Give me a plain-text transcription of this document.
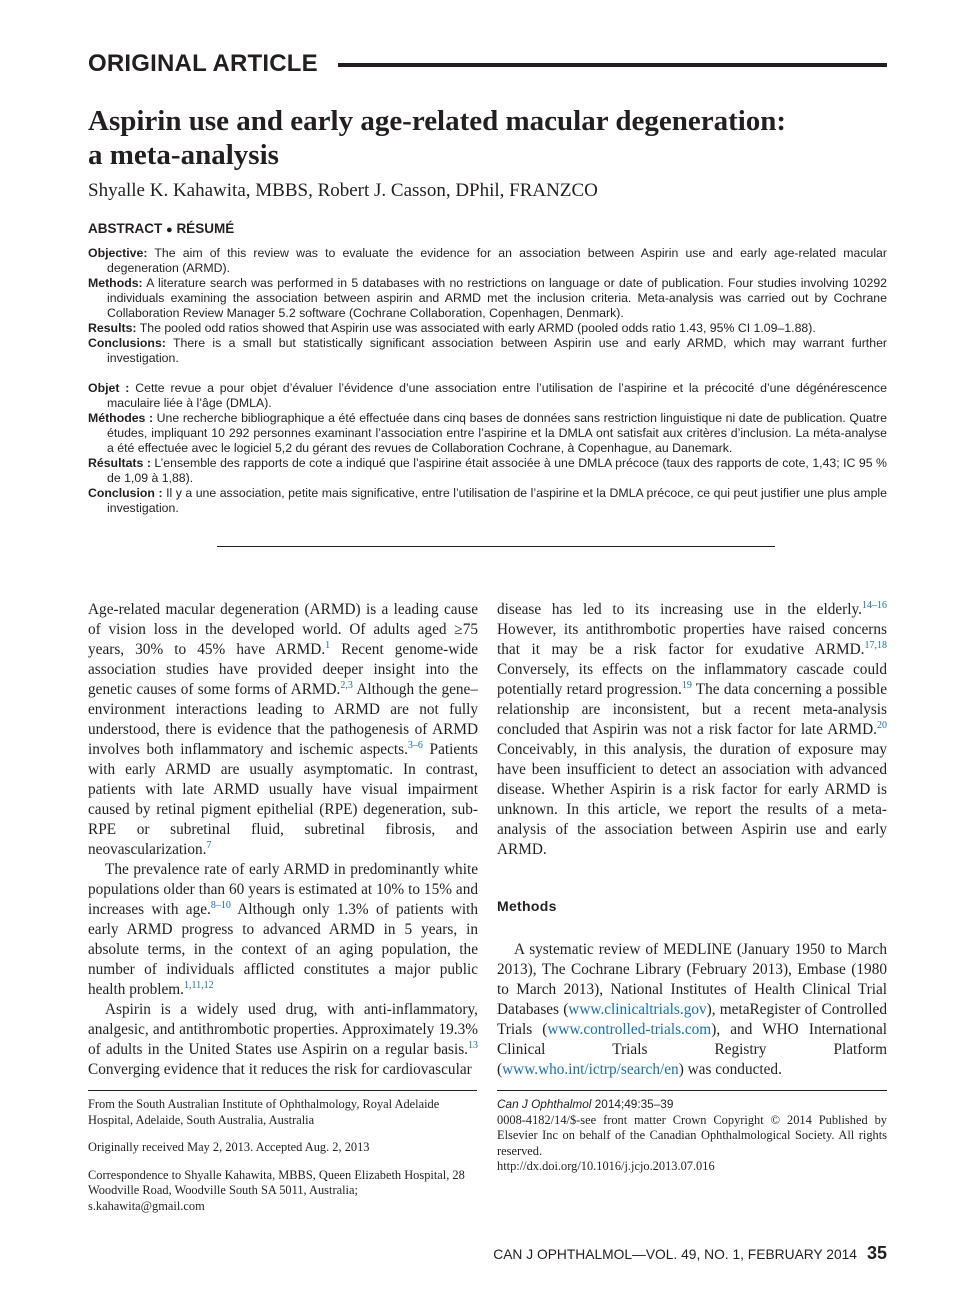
ORIGINAL ARTICLE
Aspirin use and early age-related macular degeneration:
a meta-analysis
Shyalle K. Kahawita, MBBS, Robert J. Casson, DPhil, FRANZCO
ABSTRACT ● RÉSUMÉ

Objective: The aim of this review was to evaluate the evidence for an association between Aspirin use and early age-related macular degeneration (ARMD).

Methods: A literature search was performed in 5 databases with no restrictions on language or date of publication. Four studies involving 10292 individuals examining the association between aspirin and ARMD met the inclusion criteria. Meta-analysis was carried out by Cochrane Collaboration Review Manager 5.2 software (Cochrane Collaboration, Copenhagen, Denmark).

Results: The pooled odd ratios showed that Aspirin use was associated with early ARMD (pooled odds ratio 1.43, 95% CI 1.09–1.88).

Conclusions: There is a small but statistically significant association between Aspirin use and early ARMD, which may warrant further investigation.

Objet : Cette revue a pour objet d’évaluer l’évidence d’une association entre l’utilisation de l’aspirine et la précocité d’une dégénérescence maculaire liée à l’âge (DMLA).

Méthodes : Une recherche bibliographique a été effectuée dans cinq bases de données sans restriction linguistique ni date de publication. Quatre études, impliquant 10 292 personnes examinant l’association entre l’aspirine et la DMLA ont satisfait aux critères d’inclusion. La méta-analyse a été effectuée avec le logiciel 5,2 du gérant des revues de Collaboration Cochrane, à Copenhague, au Danemark.

Résultats : L’ensemble des rapports de cote a indiqué que l’aspirine était associée à une DMLA précoce (taux des rapports de cote, 1,43; IC 95 % de 1,09 à 1,88).

Conclusion : Il y a une association, petite mais significative, entre l’utilisation de l’aspirine et la DMLA précoce, ce qui peut justifier une plus ample investigation.

Age-related macular degeneration (ARMD) is a leading cause of vision loss in the developed world. Of adults aged ≥75 years, 30% to 45% have ARMD.$^1$ Recent genome-wide association studies have provided deeper insight into the genetic causes of some forms of ARMD.$^{2,3}$ Although the gene–environment interactions leading to ARMD are not fully understood, there is evidence that the pathogenesis of ARMD involves both inflammatory and ischemic aspects.$^{3-6}$ Patients with early ARMD are usually asymptomatic. In contrast, patients with late ARMD usually have visual impairment caused by retinal pigment epithelial (RPE) degeneration, sub-RPE or subretinal fluid, subretinal fibrosis, and neovascularization.$^7$

The prevalence rate of early ARMD in predominantly white populations older than 60 years is estimated at 10% to 15% and increases with age.$^{8-10}$ Although only 1.3% of patients with early ARMD progress to advanced ARMD in 5 years, in absolute terms, in the context of an aging population, the number of individuals afflicted constitutes a major public health problem.$^{1,11,12}$

Aspirin is a widely used drug, with anti-inflammatory, analgesic, and antithrombotic properties. Approximately 19.3% of adults in the United States use Aspirin on a regular basis.$^{13}$ Converging evidence that it reduces the risk for cardiovascular

disease has led to its increasing use in the elderly.$^{14-16}$ However, its antithrombotic properties have raised concerns that it may be a risk factor for exudative ARMD.$^{17,18}$ Conversely, its effects on the inflammatory cascade could potentially retard progression.$^{19}$ The data concerning a possible relationship are inconsistent, but a recent meta-analysis concluded that Aspirin was not a risk factor for late ARMD.$^{20}$ Conceivably, in this analysis, the duration of exposure may have been insufficient to detect an association with advanced disease. Whether Aspirin is a risk factor for early ARMD is unknown. In this article, we report the results of a meta-analysis of the association between Aspirin use and early ARMD.

Methods

A systematic review of MEDLINE (January 1950 to March 2013), The Cochrane Library (February 2013), Embase (1980 to March 2013), National Institutes of Health Clinical Trial Databases (www.clinicaltrials.gov), metaRegister of Controlled Trials (www.controlled-trials.com), and WHO International Clinical Trials Registry Platform (www.who.int/ictrp/search/en) was conducted.

From the South Australian Institute of Ophthalmology, Royal Adelaide Hospital, Adelaide, South Australia, Australia

Originally received May 2, 2013. Accepted Aug. 2, 2013

Correspondence to Shyalle Kahawita, MBBS, Queen Elizabeth Hospital, 28 Woodville Road, Woodville South SA 5011, Australia; s.kahawita@gmail.com

Can J Ophthalmol 2014;49:35–39
0008-4182/14/$-see front matter Crown Copyright © 2014 Published by Elsevier Inc on behalf of the Canadian Ophthalmological Society. All rights reserved.
http://dx.doi.org/10.1016/j.jcjo.2013.07.016
CAN J OPHTHALMOL—VOL. 49, NO. 1, FEBRUARY 2014 35
